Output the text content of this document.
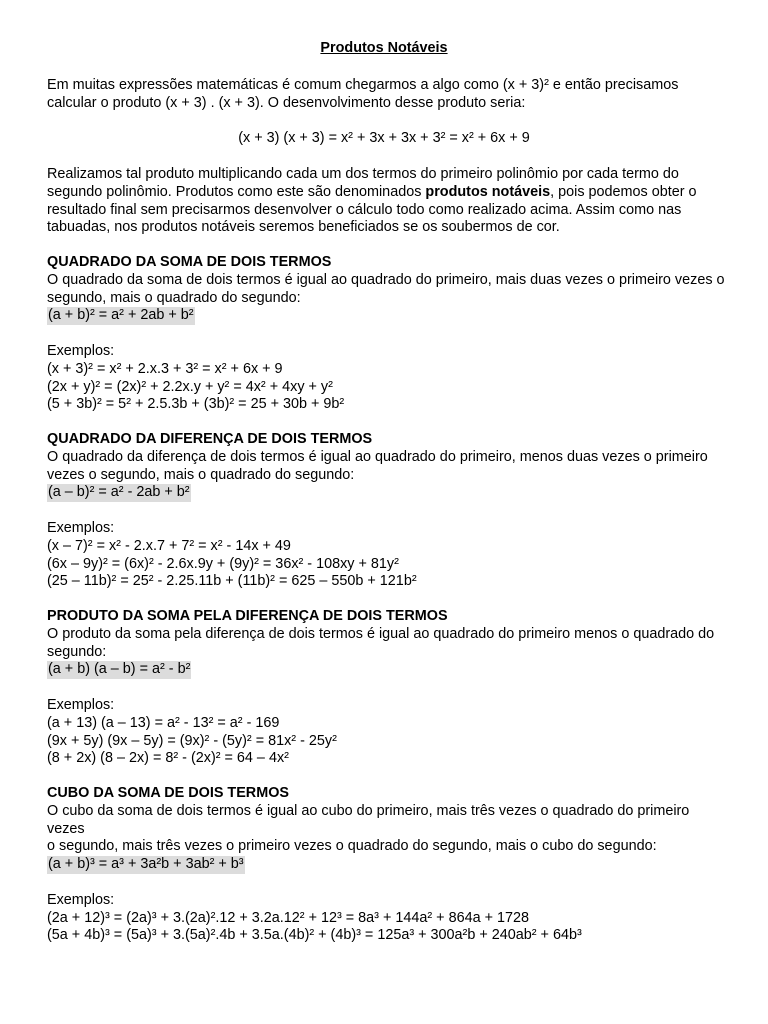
Produtos Notáveis

Em muitas expressões matemáticas é comum chegarmos a algo como (x + 3)² e então precisamos

calcular o produto (x + 3) . (x + 3). O desenvolvimento desse produto seria:

(x + 3) (x + 3) = x² + 3x + 3x + 3² = x² + 6x + 9

Realizamos tal produto multiplicando cada um dos termos do primeiro polinômio por cada termo do

segundo polinômio. Produtos como este são denominados produtos notáveis, pois podemos obter o

resultado final sem precisarmos desenvolver o cálculo todo como realizado acima. Assim como nas

tabuadas, nos produtos notáveis seremos beneficiados se os soubermos de cor.

QUADRADO DA SOMA DE DOIS TERMOS

O quadrado da soma de dois termos é igual ao quadrado do primeiro, mais duas vezes o primeiro vezes o

segundo, mais o quadrado do segundo:

(a + b)² = a² + 2ab + b²

Exemplos:

(x + 3)² = x² + 2.x.3 + 3² = x² + 6x + 9

(2x + y)² = (2x)² + 2.2x.y + y² = 4x² + 4xy + y²

(5 + 3b)² = 5² + 2.5.3b + (3b)² = 25 + 30b + 9b²

QUADRADO DA DIFERENÇA DE DOIS TERMOS

O quadrado da diferença de dois termos é igual ao quadrado do primeiro, menos duas vezes o primeiro

vezes o segundo, mais o quadrado do segundo:

(a – b)² = a² - 2ab + b²

Exemplos:

(x – 7)² = x² - 2.x.7 + 7² = x² - 14x + 49

(6x – 9y)² = (6x)² - 2.6x.9y + (9y)² = 36x² - 108xy + 81y²

(25 – 11b)² = 25² - 2.25.11b + (11b)² = 625 – 550b + 121b²

PRODUTO DA SOMA PELA DIFERENÇA DE DOIS TERMOS

O produto da soma pela diferença de dois termos é igual ao quadrado do primeiro menos o quadrado do

segundo:

(a + b) (a – b) = a² - b²

Exemplos:

(a + 13) (a – 13) = a² - 13² = a² - 169

(9x + 5y) (9x – 5y) = (9x)² - (5y)² = 81x² - 25y²

(8 + 2x) (8 – 2x) = 8² - (2x)² = 64 – 4x²

CUBO DA SOMA DE DOIS TERMOS

O cubo da soma de dois termos é igual ao cubo do primeiro, mais três vezes o quadrado do primeiro vezes

o segundo, mais três vezes o primeiro vezes o quadrado do segundo, mais o cubo do segundo:

(a + b)³ = a³ + 3a²b + 3ab² + b³

Exemplos:

(2a + 12)³ = (2a)³ + 3.(2a)².12 + 3.2a.12² + 12³ = 8a³ + 144a² + 864a + 1728

(5a + 4b)³ = (5a)³ + 3.(5a)².4b + 3.5a.(4b)² + (4b)³ = 125a³ + 300a²b + 240ab² + 64b³
